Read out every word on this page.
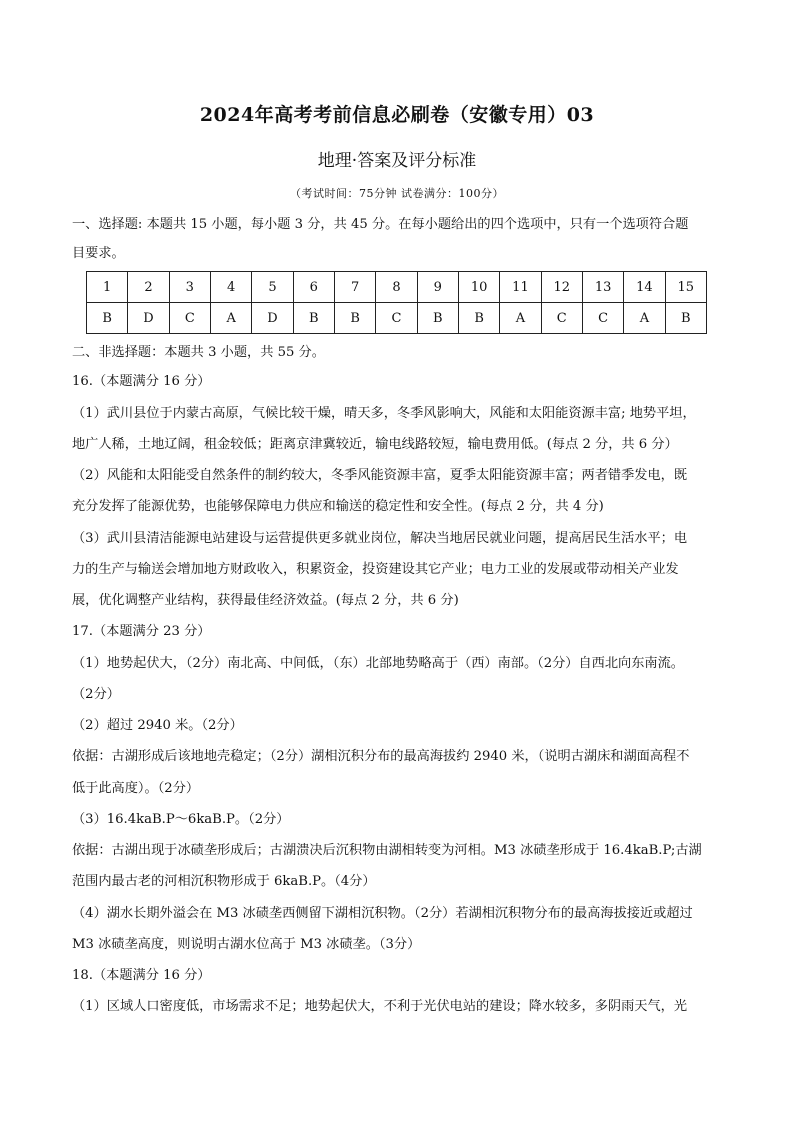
2024年高考考前信息必刷卷（安徽专用）03
地理·答案及评分标准
（考试时间：75分钟 试卷满分：100分）

一、选择题: 本题共 15 小题，每小题 3 分，共 45 分。在每小题给出的四个选项中，只有一个选项符合题

目要求。

1	2	3	4	5	6	7	8	9	10	11	12	13	14	15
B	D	C	A	D	B	B	C	B	B	A	C	C	A	B

二、非选择题：本题共 3 小题，共 55 分。

16.（本题满分 16 分）

（1）武川县位于内蒙古高原，气候比较干燥，晴天多，冬季风影响大，风能和太阳能资源丰富; 地势平坦，

地广人稀，土地辽阔，租金较低；距离京津冀较近，输电线路较短，输电费用低。(每点 2 分，共 6 分）

（2）风能和太阳能受自然条件的制约较大，冬季风能资源丰富，夏季太阳能资源丰富；两者错季发电，既

充分发挥了能源优势，也能够保障电力供应和输送的稳定性和安全性。(每点 2 分，共 4 分)

（3）武川县清洁能源电站建设与运营提供更多就业岗位，解决当地居民就业问题，提高居民生活水平；电

力的生产与输送会增加地方财政收入，积累资金，投资建设其它产业；电力工业的发展或带动相关产业发

展，优化调整产业结构，获得最佳经济效益。(每点 2 分，共 6 分)

17.（本题满分 23 分）

（1）地势起伏大，（2分）南北高、中间低，（东）北部地势略高于（西）南部。（2分）自西北向东南流。

（2分）

（2）超过 2940 米。（2分）

依据：古湖形成后该地地壳稳定；（2分）湖相沉积分布的最高海拔约 2940 米，（说明古湖床和湖面高程不

低于此高度）。（2分）

（3）16.4kaB.P～6kaB.P。（2分）

依据：古湖出现于冰碛垄形成后；古湖溃决后沉积物由湖相转变为河相。M3 冰碛垄形成于 16.4kaB.P;古湖

范围内最古老的河相沉积物形成于 6kaB.P。（4分）

（4）湖水长期外溢会在 M3 冰碛垄西侧留下湖相沉积物。（2分）若湖相沉积物分布的最高海拔接近或超过

M3 冰碛垄高度，则说明古湖水位高于 M3 冰碛垄。（3分）

18.（本题满分 16 分）

（1）区域人口密度低，市场需求不足；地势起伏大，不利于光伏电站的建设；降水较多，多阴雨天气，光
